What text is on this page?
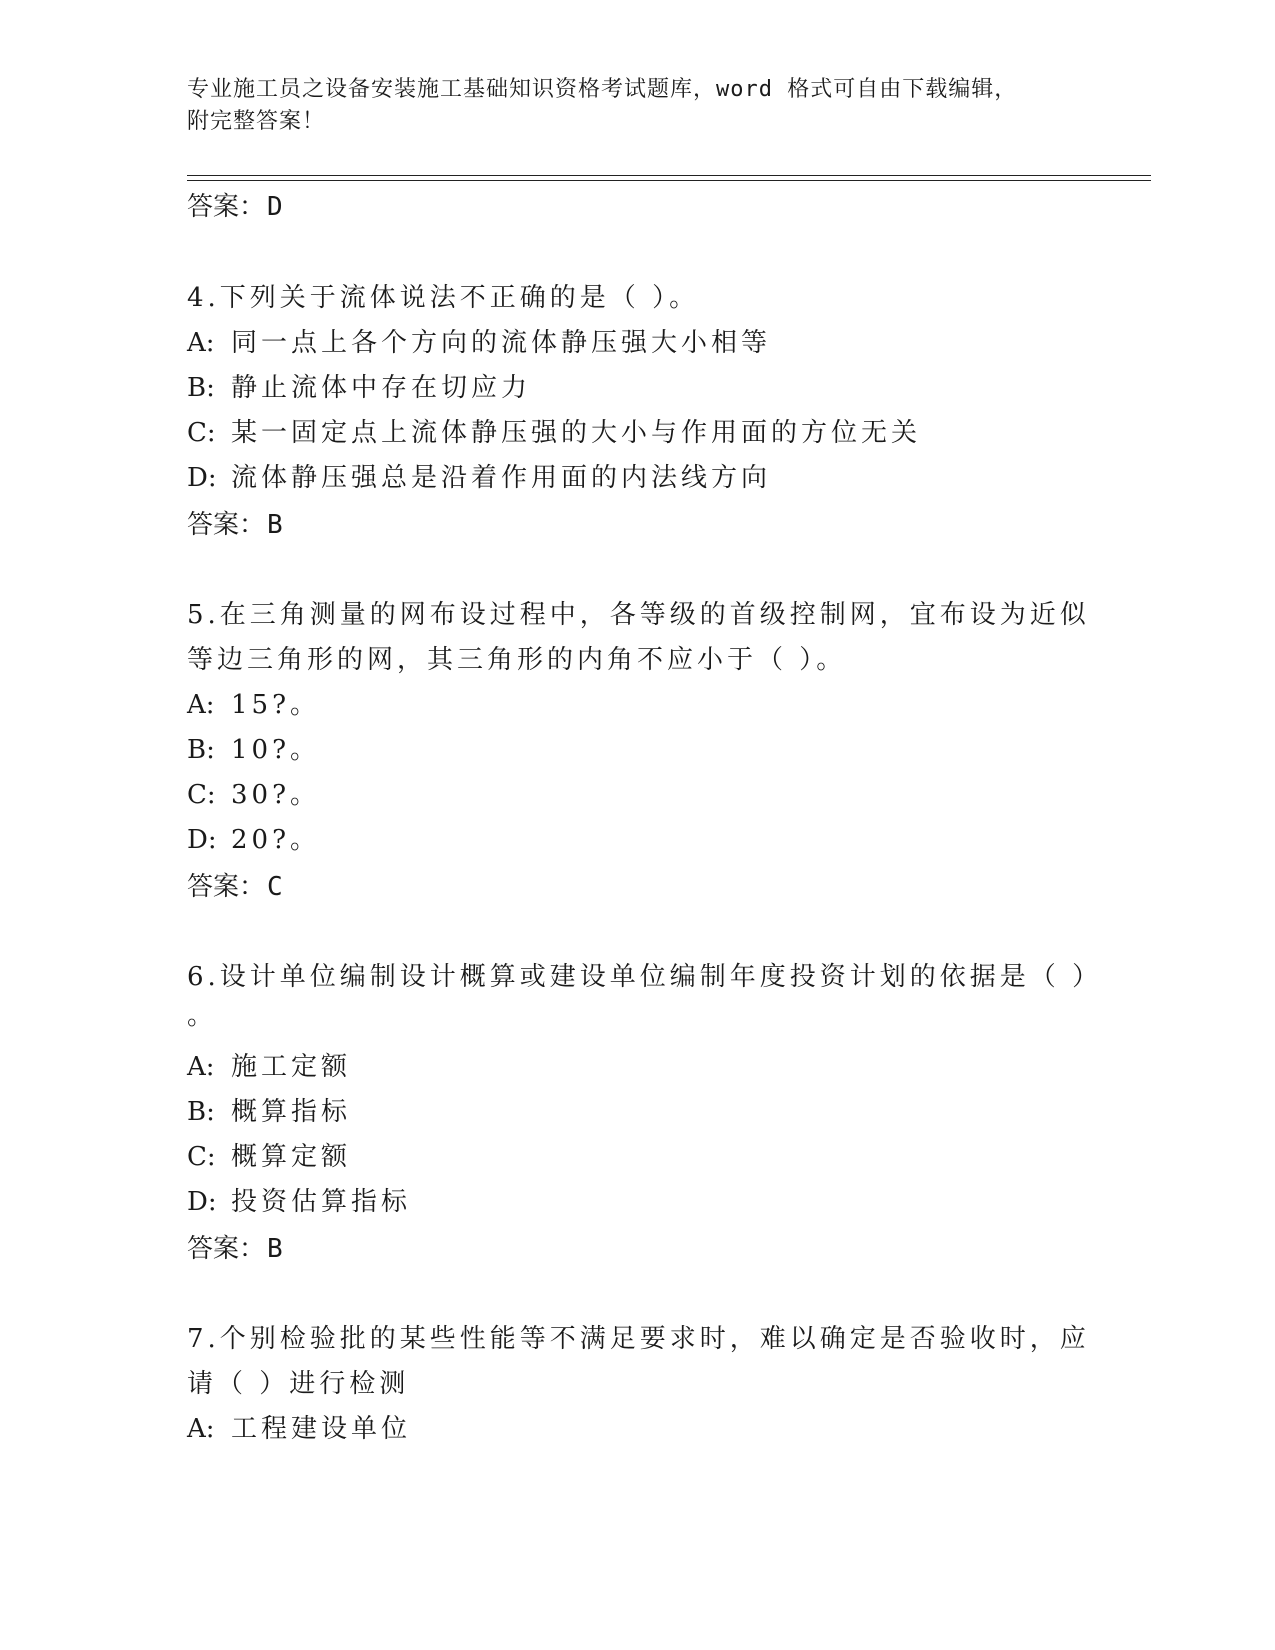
专业施工员之设备安装施工基础知识资格考试题库，word 格式可自由下载编辑，
附完整答案！
答案：D
4.下列关于流体说法不正确的是（ ）。
A: 同一点上各个方向的流体静压强大小相等
B: 静止流体中存在切应力
C: 某一固定点上流体静压强的大小与作用面的方位无关
D: 流体静压强总是沿着作用面的内法线方向
答案：B
5.在三角测量的网布设过程中，各等级的首级控制网，宜布设为近似
等边三角形的网，其三角形的内角不应小于（ ）。
A: 15?。
B: 10?。
C: 30?。
D: 20?。
答案：C
6.设计单位编制设计概算或建设单位编制年度投资计划的依据是（ ）
。
A: 施工定额
B: 概算指标
C: 概算定额
D: 投资估算指标
答案：B
7.个别检验批的某些性能等不满足要求时，难以确定是否验收时，应
请（ ）进行检测
A: 工程建设单位
